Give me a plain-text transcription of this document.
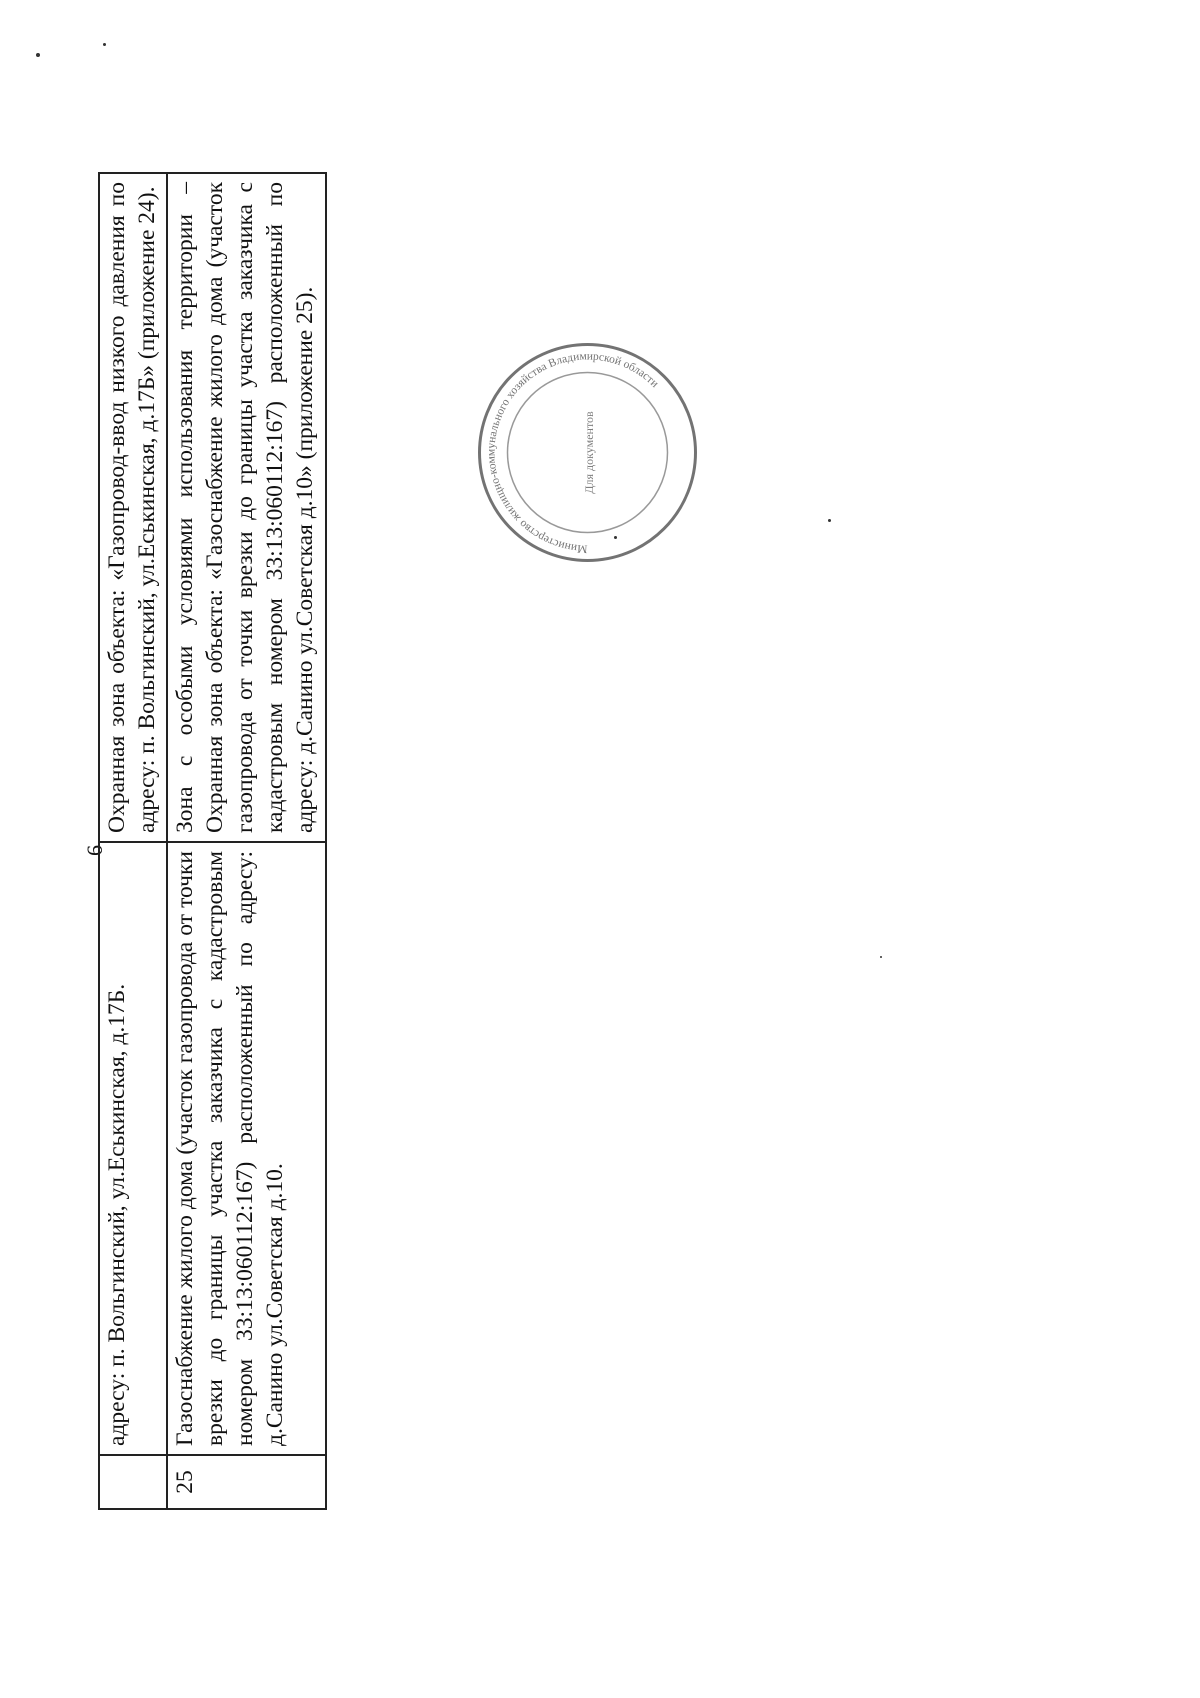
6
	адресу: п. Вольгинский, ул.Еськинская, д.17Б.	Охранная зона объекта: «Газопровод-ввод низкого давления по адресу: п. Вольгинский, ул.Еськинская, д.17Б» (приложение 24).
25	Газоснабжение жилого дома (участок газопровода от точки врезки до границы участка заказчика с кадастровым номером 33:13:060112:167) расположенный по адресу: д.Санино ул.Советская д.10.	Зона с особыми условиями использования территории – Охранная зона объекта: «Газоснабжение жилого дома (участок газопровода от точки врезки до границы участка заказчика с кадастровым номером 33:13:060112:167) расположенный по адресу: д.Санино ул.Советская д.10» (приложение 25).	Министерство жилищно-коммунального хозяйства Владимирской области
Для документов
